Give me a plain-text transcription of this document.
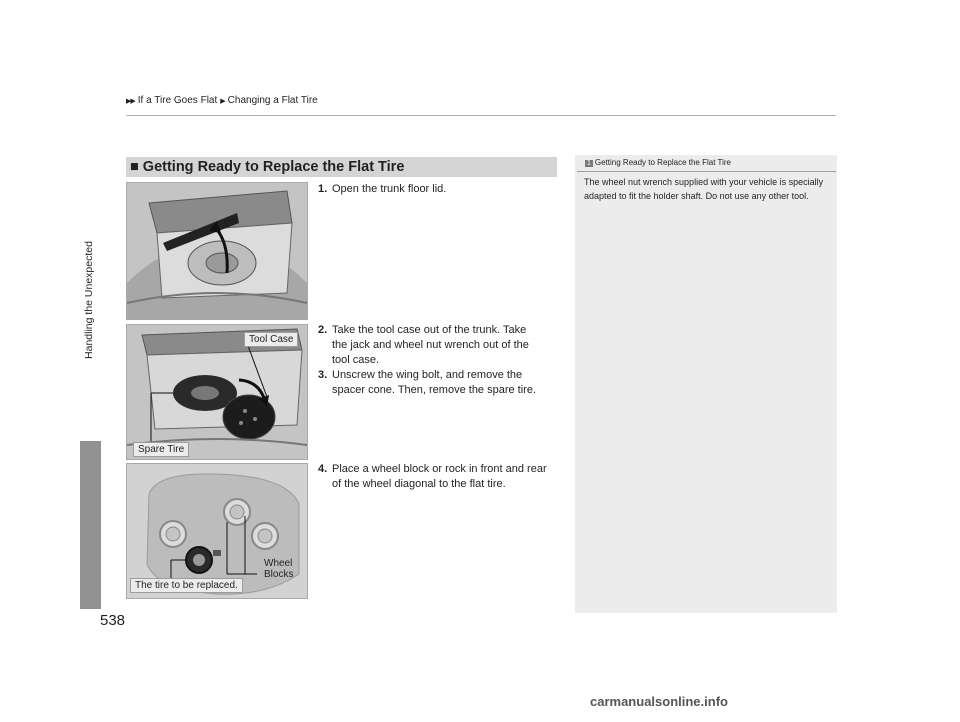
▶▶ If a Tire Goes Flat ▶ Changing a Flat Tire
Handling the Unexpected
538
■ Getting Ready to Replace the Flat Tire
Tool Case
Spare Tire
Wheel
Blocks
The tire to be replaced.
1. Open the trunk floor lid.
2. Take the tool case out of the trunk. Take
the jack and wheel nut wrench out of the
tool case.
3. Unscrew the wing bolt, and remove the
spacer cone. Then, remove the spare tire.
4. Place a wheel block or rock in front and rear
of the wheel diagonal to the flat tire.
1 Getting Ready to Replace the Flat Tire
The wheel nut wrench supplied with your vehicle is specially adapted to fit the holder shaft. Do not use any other tool.
carmanualsonline.info
